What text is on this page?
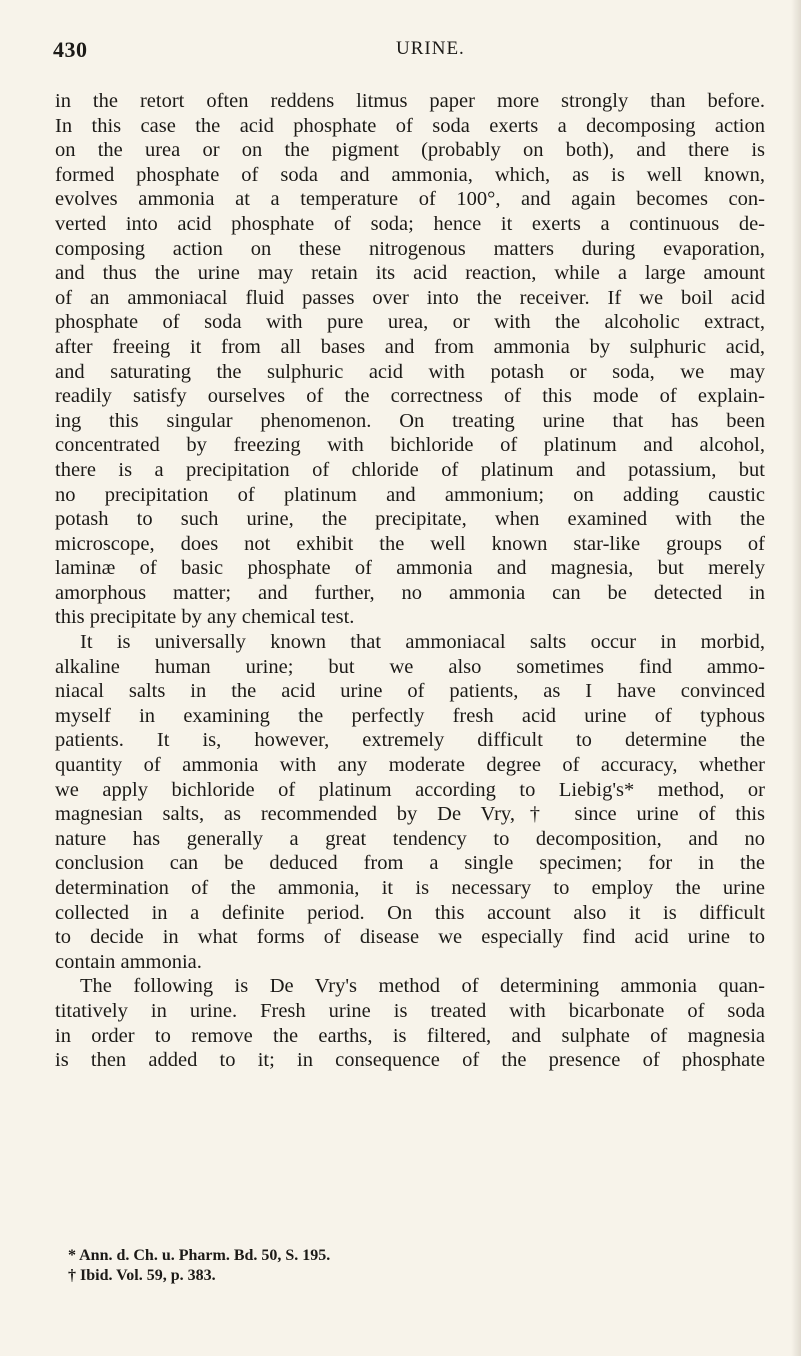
430	URINE.
in the retort often reddens litmus paper more strongly than before.
In this case the acid phosphate of soda exerts a decomposing action
on the urea or on the pigment (probably on both), and there is
formed phosphate of soda and ammonia, which, as is well known,
evolves ammonia at a temperature of 100°, and again becomes con-
verted into acid phosphate of soda; hence it exerts a continuous de-
composing action on these nitrogenous matters during evaporation,
and thus the urine may retain its acid reaction, while a large amount
of an ammoniacal fluid passes over into the receiver. If we boil acid
phosphate of soda with pure urea, or with the alcoholic extract,
after freeing it from all bases and from ammonia by sulphuric acid,
and saturating the sulphuric acid with potash or soda, we may
readily satisfy ourselves of the correctness of this mode of explain-
ing this singular phenomenon. On treating urine that has been
concentrated by freezing with bichloride of platinum and alcohol,
there is a precipitation of chloride of platinum and potassium, but
no precipitation of platinum and ammonium; on adding caustic
potash to such urine, the precipitate, when examined with the
microscope, does not exhibit the well known star-like groups of
laminæ of basic phosphate of ammonia and magnesia, but merely
amorphous matter; and further, no ammonia can be detected in
this precipitate by any chemical test.
It is universally known that ammoniacal salts occur in morbid,
alkaline human urine; but we also sometimes find ammo-
niacal salts in the acid urine of patients, as I have convinced
myself in examining the perfectly fresh acid urine of typhous
patients. It is, however, extremely difficult to determine the
quantity of ammonia with any moderate degree of accuracy, whether
we apply bichloride of platinum according to Liebig's* method, or
magnesian salts, as recommended by De Vry,† since urine of this
nature has generally a great tendency to decomposition, and no
conclusion can be deduced from a single specimen; for in the
determination of the ammonia, it is necessary to employ the urine
collected in a definite period. On this account also it is difficult
to decide in what forms of disease we especially find acid urine to
contain ammonia.
The following is De Vry's method of determining ammonia quan-
titatively in urine. Fresh urine is treated with bicarbonate of soda
in order to remove the earths, is filtered, and sulphate of magnesia
is then added to it; in consequence of the presence of phosphate
* Ann. d. Ch. u. Pharm. Bd. 50, S. 195.
† Ibid. Vol. 59, p. 383.
